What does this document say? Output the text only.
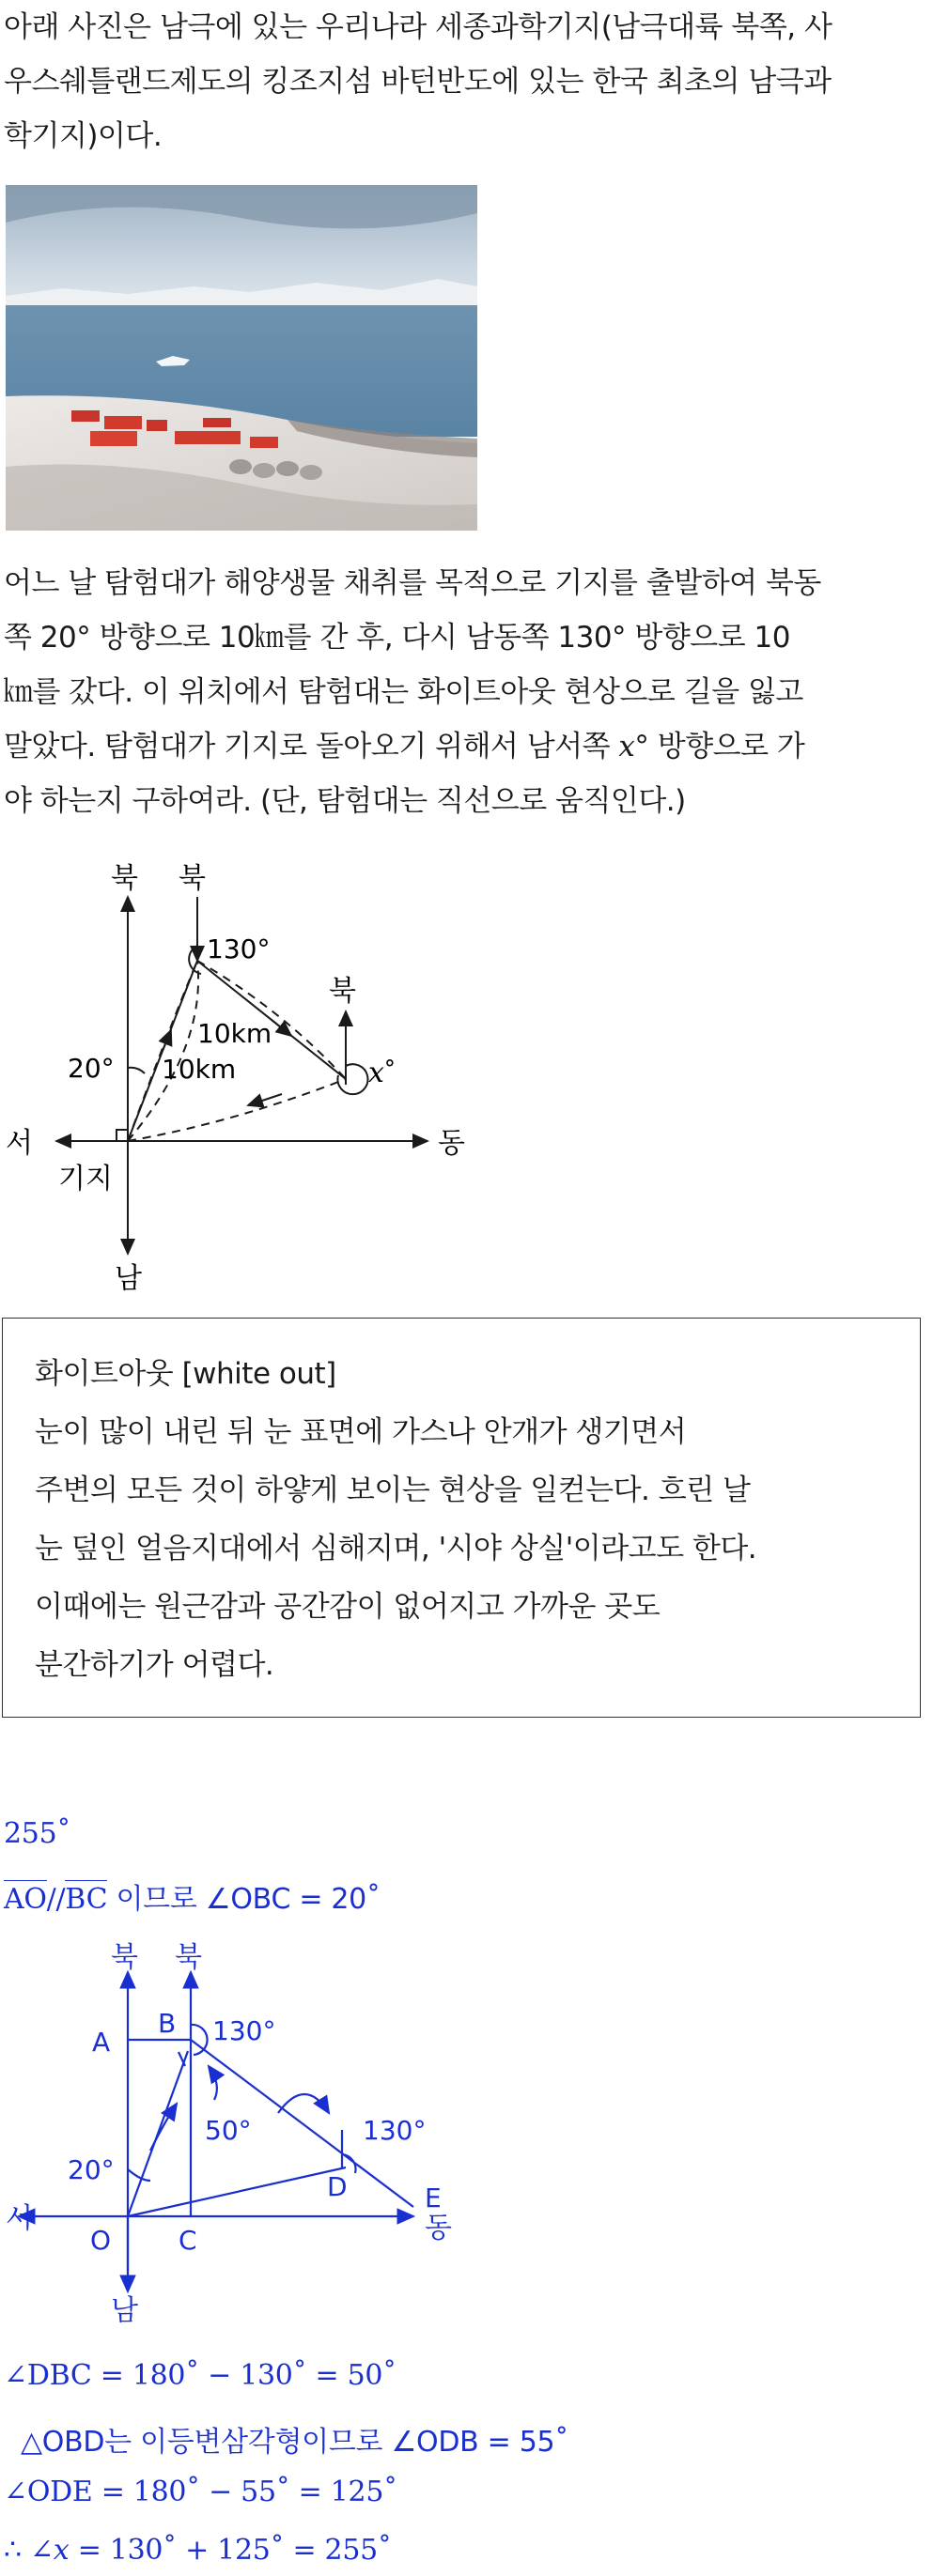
아래 사진은 남극에 있는 우리나라 세종과학기지(남극대륙 북쪽, 사
우스쉐틀랜드제도의 킹조지섬 바턴반도에 있는 한국 최초의 남극과
학기지)이다.
어느 날 탐험대가 해양생물 채취를 목적으로 기지를 출발하여 북동
쪽 20° 방향으로 10㎞를 간 후, 다시 남동쪽 130° 방향으로 10
㎞를 갔다. 이 위치에서 탐험대는 화이트아웃 현상으로 길을 잃고
말았다. 탐험대가 기지로 돌아오기 위해서 남서쪽 x° 방향으로 가
야 하는지 구하여라. (단, 탐험대는 직선으로 움직인다.)
북 북
북
130°
10km
10km
20°	x°
서	동
남
기지
화이트아웃 [white out]
눈이 많이 내린 뒤 눈 표면에 가스나 안개가 생기면서
주변의 모든 것이 하얗게 보이는 현상을 일컫는다. 흐린 날
눈 덮인 얼음지대에서 심해지며, '시야 상실'이라고도 한다.
이때에는 원근감과 공간감이 없어지고 가까운 곳도
분간하기가 어렵다.
255˚
AO//BC 이므로 ∠OBC = 20˚
북 북
A
B
C
D	E
O
130°
50°	130°
20°
서	동
남
∠DBC = 180˚ − 130˚ = 50˚
△OBD는 이등변삼각형이므로 ∠ODB = 55˚
∠ODE = 180˚ − 55˚ = 125˚
∴ ∠x = 130˚ + 125˚ = 255˚
